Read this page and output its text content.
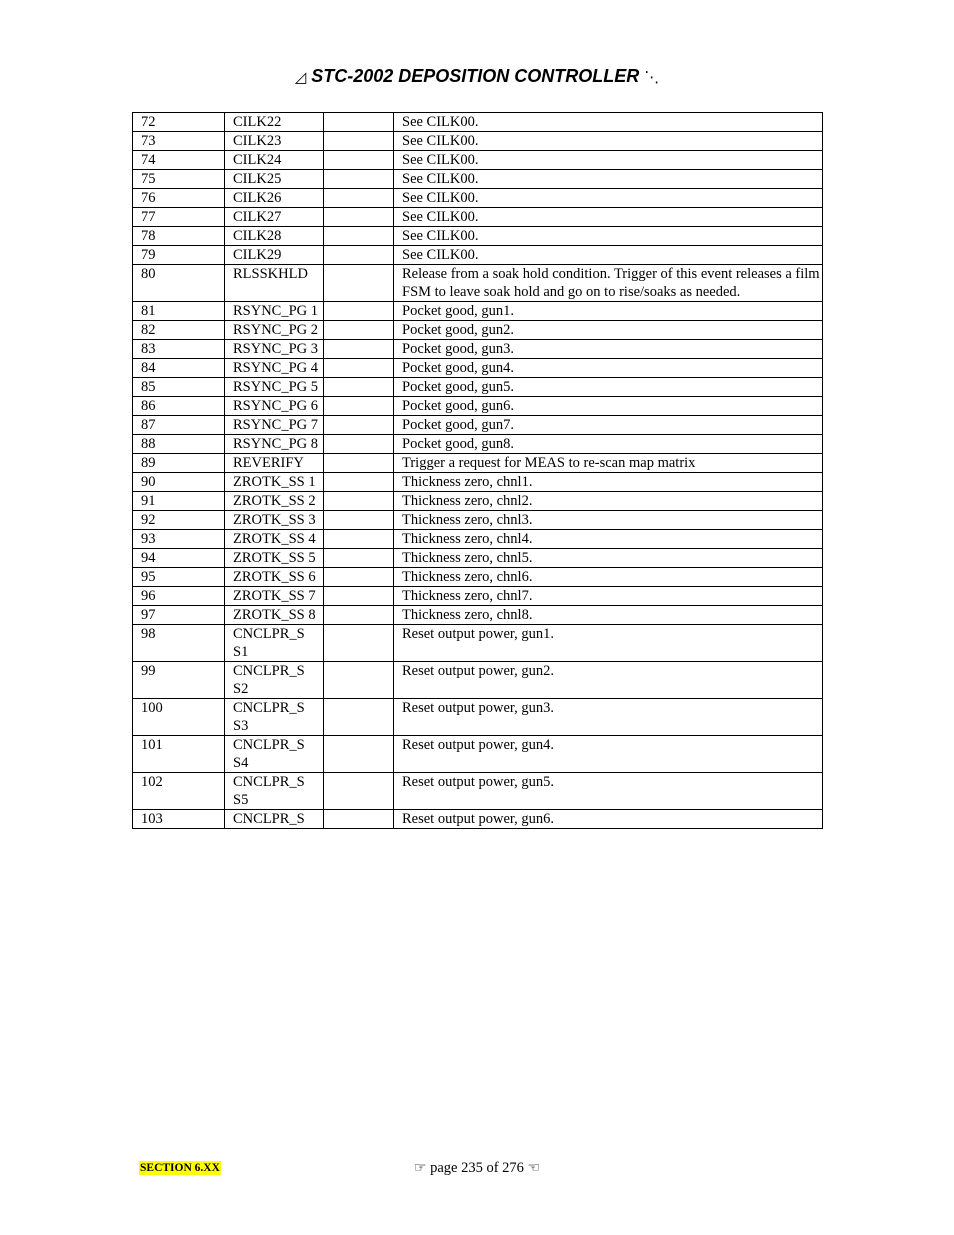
◿ STC-2002 DEPOSITION CONTROLLER ⋱
72	CILK22		See CILK00.
73	CILK23		See CILK00.
74	CILK24		See CILK00.
75	CILK25		See CILK00.
76	CILK26		See CILK00.
77	CILK27		See CILK00.
78	CILK28		See CILK00.
79	CILK29		See CILK00.
80	RLSSKHLD		Release from a soak hold condition. Trigger of this event releases a film FSM to leave soak hold and go on to rise/soaks as needed.
81	RSYNC_PG 1		Pocket good, gun1.
82	RSYNC_PG 2		Pocket good, gun2.
83	RSYNC_PG 3		Pocket good, gun3.
84	RSYNC_PG 4		Pocket good, gun4.
85	RSYNC_PG 5		Pocket good, gun5.
86	RSYNC_PG 6		Pocket good, gun6.
87	RSYNC_PG 7		Pocket good, gun7.
88	RSYNC_PG 8		Pocket good, gun8.
89	REVERIFY		Trigger a request for MEAS to re-scan map matrix
90	ZROTK_SS 1		Thickness zero, chnl1.
91	ZROTK_SS 2		Thickness zero, chnl2.
92	ZROTK_SS 3		Thickness zero, chnl3.
93	ZROTK_SS 4		Thickness zero, chnl4.
94	ZROTK_SS 5		Thickness zero, chnl5.
95	ZROTK_SS 6		Thickness zero, chnl6.
96	ZROTK_SS 7		Thickness zero, chnl7.
97	ZROTK_SS 8		Thickness zero, chnl8.
98	CNCLPR_S S1		Reset output power, gun1.
99	CNCLPR_S S2		Reset output power, gun2.
100	CNCLPR_S S3		Reset output power, gun3.
101	CNCLPR_S S4		Reset output power, gun4.
102	CNCLPR_S S5		Reset output power, gun5.
103	CNCLPR_S		Reset output power, gun6.
SECTION 6.XX	☞ page 235 of 276 ☜
